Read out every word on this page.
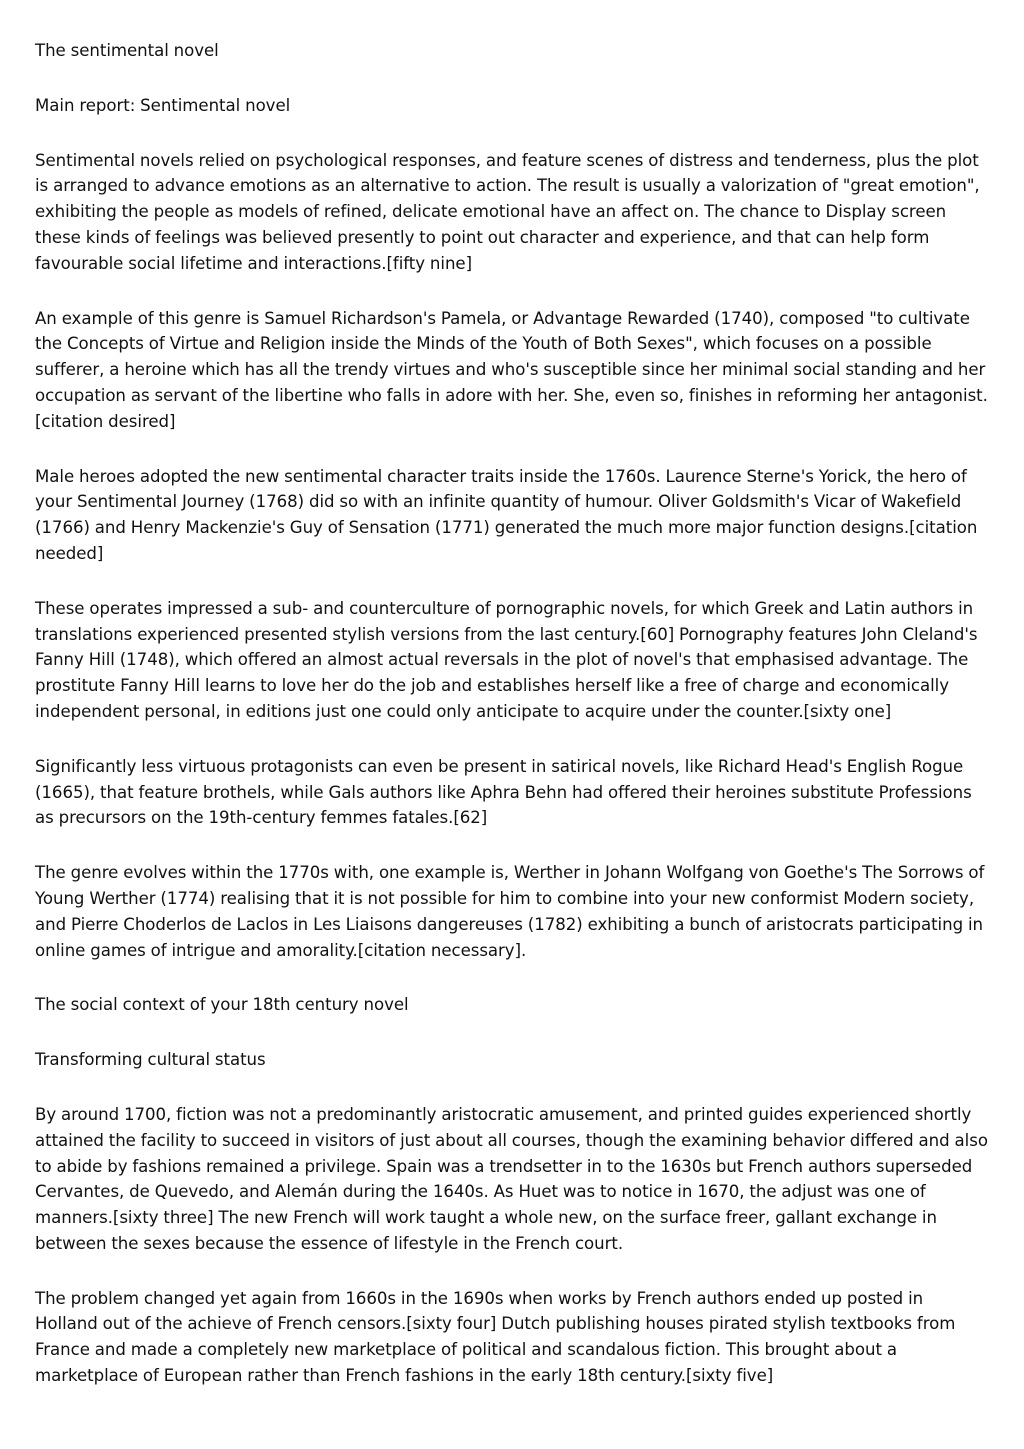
The sentimental novel

Main report: Sentimental novel

Sentimental novels relied on psychological responses, and feature scenes of distress and tenderness, plus the plot is arranged to advance emotions as an alternative to action. The result is usually a valorization of "great emotion", exhibiting the people as models of refined, delicate emotional have an affect on. The chance to Display screen these kinds of feelings was believed presently to point out character and experience, and that can help form favourable social lifetime and interactions.[fifty nine]

An example of this genre is Samuel Richardson's Pamela, or Advantage Rewarded (1740), composed "to cultivate the Concepts of Virtue and Religion inside the Minds of the Youth of Both Sexes", which focuses on a possible sufferer, a heroine which has all the trendy virtues and who's susceptible since her minimal social standing and her occupation as servant of the libertine who falls in adore with her. She, even so, finishes in reforming her antagonist.[citation desired]

Male heroes adopted the new sentimental character traits inside the 1760s. Laurence Sterne's Yorick, the hero of your Sentimental Journey (1768) did so with an infinite quantity of humour. Oliver Goldsmith's Vicar of Wakefield (1766) and Henry Mackenzie's Guy of Sensation (1771) generated the much more major function designs.[citation needed]

These operates impressed a sub- and counterculture of pornographic novels, for which Greek and Latin authors in translations experienced presented stylish versions from the last century.[60] Pornography features John Cleland's Fanny Hill (1748), which offered an almost actual reversals in the plot of novel's that emphasised advantage. The prostitute Fanny Hill learns to love her do the job and establishes herself like a free of charge and economically independent personal, in editions just one could only anticipate to acquire under the counter.[sixty one]

Significantly less virtuous protagonists can even be present in satirical novels, like Richard Head's English Rogue (1665), that feature brothels, while Gals authors like Aphra Behn had offered their heroines substitute Professions as precursors on the 19th-century femmes fatales.[62]

The genre evolves within the 1770s with, one example is, Werther in Johann Wolfgang von Goethe's The Sorrows of Young Werther (1774) realising that it is not possible for him to combine into your new conformist Modern society, and Pierre Choderlos de Laclos in Les Liaisons dangereuses (1782) exhibiting a bunch of aristocrats participating in online games of intrigue and amorality.[citation necessary].

The social context of your 18th century novel

Transforming cultural status

By around 1700, fiction was not a predominantly aristocratic amusement, and printed guides experienced shortly attained the facility to succeed in visitors of just about all courses, though the examining behavior differed and also to abide by fashions remained a privilege. Spain was a trendsetter in to the 1630s but French authors superseded Cervantes, de Quevedo, and Alemán during the 1640s. As Huet was to notice in 1670, the adjust was one of manners.[sixty three] The new French will work taught a whole new, on the surface freer, gallant exchange in between the sexes because the essence of lifestyle in the French court.

The problem changed yet again from 1660s in the 1690s when works by French authors ended up posted in Holland out of the achieve of French censors.[sixty four] Dutch publishing houses pirated stylish textbooks from France and made a completely new marketplace of political and scandalous fiction. This brought about a marketplace of European rather than French fashions in the early 18th century.[sixty five]
